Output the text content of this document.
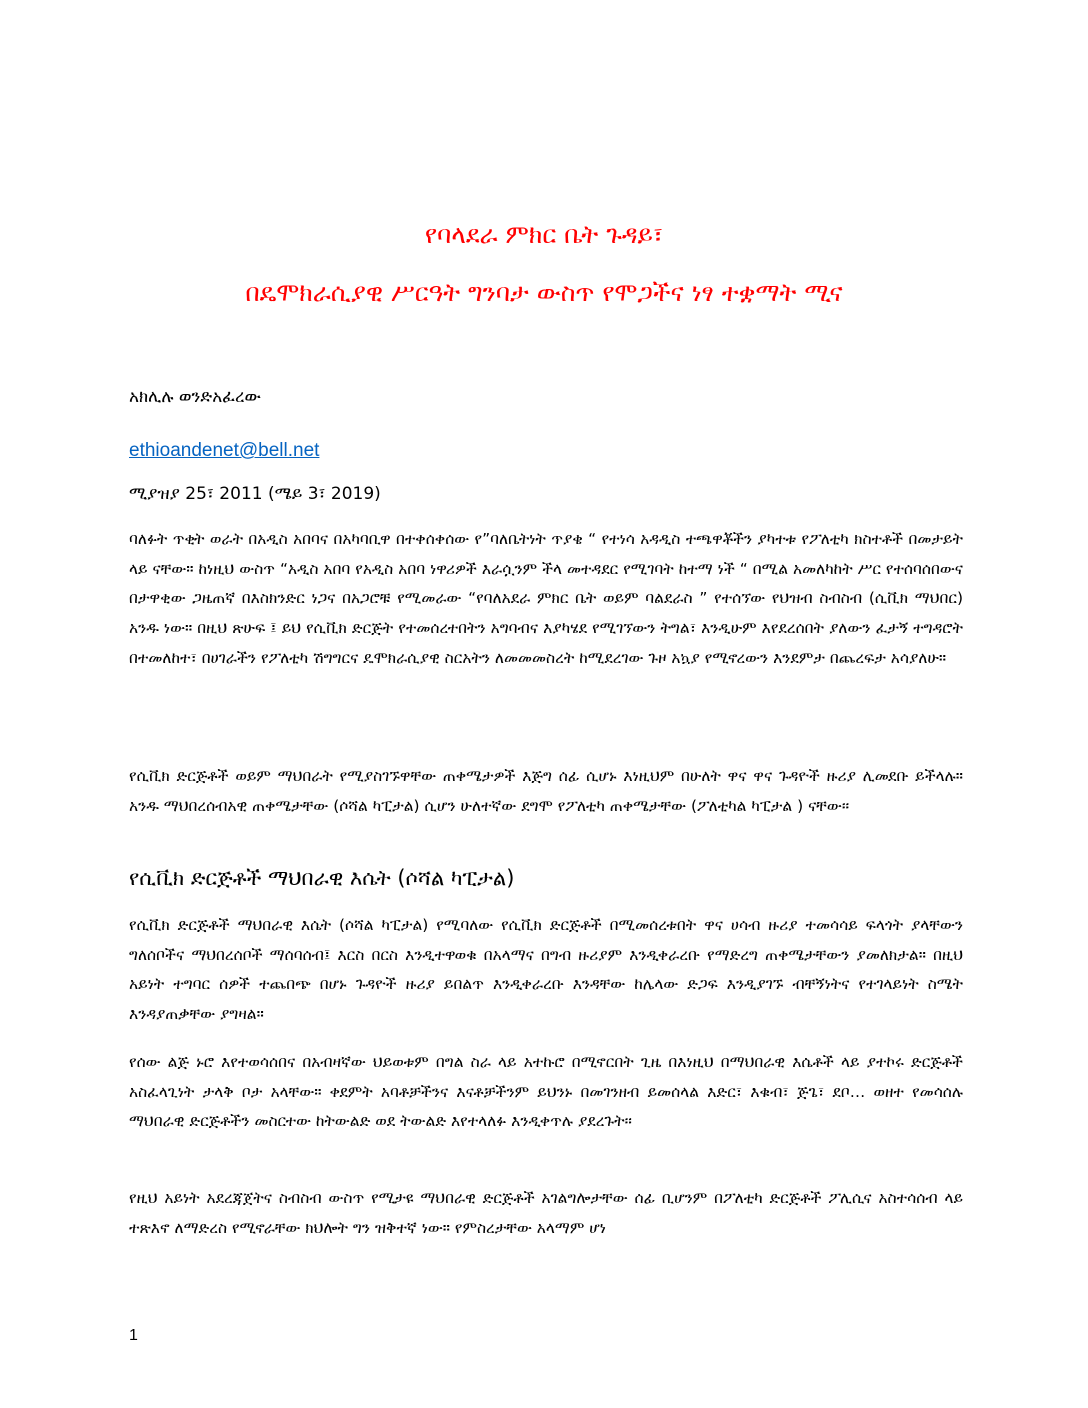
የባላደራ ምክር ቤት ጉዳይ፣
በዴሞክራሲያዊ ሥርዓት ግንባታ ውስጥ የሞጋችና ነፃ ተቋማት ሚና

አክሊሉ ወንድአፈረው

ethioandenet@bell.net

ሚያዝያ 25፣ 2011 (ሜይ 3፣ 2019)

ባለፉት ጥቂት ወራት በአዲስ አበባና በአካባቢዋ በተቀሰቀሰው የ”ባለቤትነት ጥያቄ “ የተነሳ አዳዲስ ተጫዋቾችን ያካተቱ የፖለቲካ ክስተቶች በመታይት ላይ ናቸው። ከነዚህ ውስጥ “አዲስ አበባ የአዲስ አበባ ነዋሪዎች እራሷንም ችላ መተዳደር የሚገባት ከተማ ነች “ በሚል አመለካከት ሥር የተሰባሰበውና በታዋቂው ጋዜጠኛ በእስክንድር ነጋና በአጋሮቹ የሚመራው “የባለአደራ ምክር ቤት ወይም ባልደራስ ” የተሰኘው የህዝብ ስብስብ (ሲቪክ ማህበር) አንዱ ነው። በዚህ ጽሁፍ ፤ ይህ የሲቪክ ድርጅት የተመሰረተበትን አግባብና እያካሄደ የሚገኘውን ትግል፣ እንዲሁም እየደረሰበት ያለውን ፈታኝ ተግዳሮት በተመለከተ፣ በሀገራችን የፖለቲካ ሽግግርና ዴሞክራሲያዊ ስርአትን ለመመመስረት ከሚደረገው ጉዞ አኳያ የሚኖረውን እንደምታ በጨረፍታ አሳያለሁ።

የሲቪክ ድርጅቶች ወይም ማህበራት የሚያስገኙዋቸው ጠቀሜታዎች እጅግ ሰፊ ሲሆኑ እነዚህም በሁለት ዋና ዋና ጉዳዮች ዙሪያ ሊመደቡ ይችላሉ። አንዱ ማህበረሰብአዊ ጠቀሜታቸው (ሶሻል ካፒታል) ሲሆን ሁለተኛው ደግሞ የፖለቲካ ጠቀሜታቸው (ፖለቲካል ካፒታል ) ናቸው፡፡

የሲቪክ ድርጅቶች ማህበራዊ እሴት (ሶሻል ካፒታል)

የሲቪክ ድርጅቶች ማህበራዊ እሴት (ሶሻል ካፒታል) የሚባለው የሲቪክ ድርጅቶች በሚመሰረቱበት ዋና ሀሳብ ዙሪያ ተመሳሳይ ፍላጎት ያላቸውን ግለሰቦችና ማህበረሰቦች ማሰባሰብ፤ እርስ በርስ እንዲተዋወቁ በአላማና በግብ ዙሪያም እንዲቀራረቡ የማድረግ ጠቀሜታቸውን ያመለክታል። በዚህ አይነት ተግባር ሰዎች ተጨበጭ በሆኑ ጉዳዮች ዙሪያ ይበልጥ እንዲቀራረቡ እንዳቸው ከሌላው ድጋፍ እንዲያገኙ ብቸኝነትና የተገላይነት ስሜት እንዳያጠቃቸው ያግዛል።

የሰው ልጅ ኑሮ እየተወሳሰበና በአብዛኛው ህይወቱም በግል ስራ ላይ አተኩሮ በሚኖርበት ጊዜ በእነዚህ በማህበራዊ እሴቶች ላይ ያተኮሩ ድርጅቶች አስፈላጊነት ታላቅ ቦታ አላቸው። ቀደምት አባቶቻችንና እናቶቻችንም ይህንኑ በመገንዘብ ይመሰላል እድር፣ እቁብ፣ ጅጌ፣ ደቦ… ወዘተ የመሳሰሉ ማህበራዊ ድርጅቶችን መስርተው ከትውልድ ወደ ትውልድ እየተላለፉ እንዲቀጥሉ ያደረጉት፡፡

የዚህ አይነት አደረጃጀትና ስብስብ ውስጥ የሚታዩ ማህበራዊ ድርጅቶች አገልግሎታቸው ሰፊ ቢሆንም በፖለቲካ ድርጅቶች ፖሊሲና አስተሳሰብ ላይ ተጽእኖ ለማድረስ የሚኖራቸው ክህሎት ግን ዝቅተኛ ነው። የምስረታቸው አላማም ሆነ

1
